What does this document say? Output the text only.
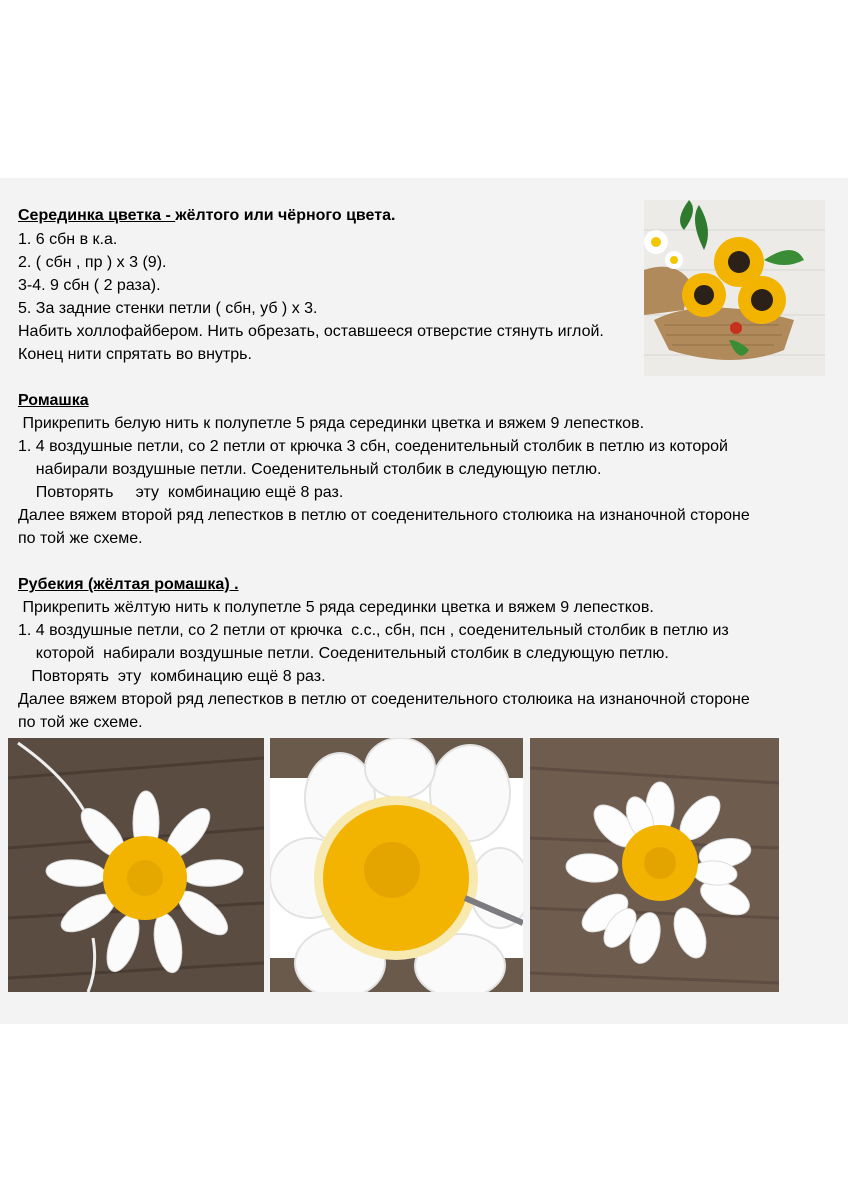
Серединка цветка - жёлтого или чёрного цвета.
1. 6 сбн в к.а.
2. ( сбн , пр ) х 3 (9).
3-4. 9 сбн ( 2 раза).
5. За задние стенки петли ( сбн, уб ) х 3.
Набить холлофайбером. Нить обрезать, оставшееся отверстие стянуть иглой.
Конец нити спрятать во внутрь.
Ромашка
Прикрепить белую нить к полупетле 5 ряда серединки цветка и вяжем 9 лепестков.
1. 4 воздушные петли, со 2 петли от крючка 3 сбн, соеденительный столбик в петлю из которой
набирали воздушные петли. Соеденительный столбик в следующую петлю.
Повторять     эту  комбинацию ещё 8 раз.
Далее вяжем второй ряд лепестков в петлю от соеденительного столюика на изнаночной стороне
по той же схеме.
Рубекия (жёлтая ромашка) .
Прикрепить жёлтую нить к полупетле 5 ряда серединки цветка и вяжем 9 лепестков.
1. 4 воздушные петли, со 2 петли от крючка  с.с., сбн, псн , соеденительный столбик в петлю из
которой  набирали воздушные петли. Соеденительный столбик в следующую петлю.
Повторять  эту  комбинацию ещё 8 раз.
Далее вяжем второй ряд лепестков в петлю от соеденительного столюика на изнаночной стороне
по той же схеме.
